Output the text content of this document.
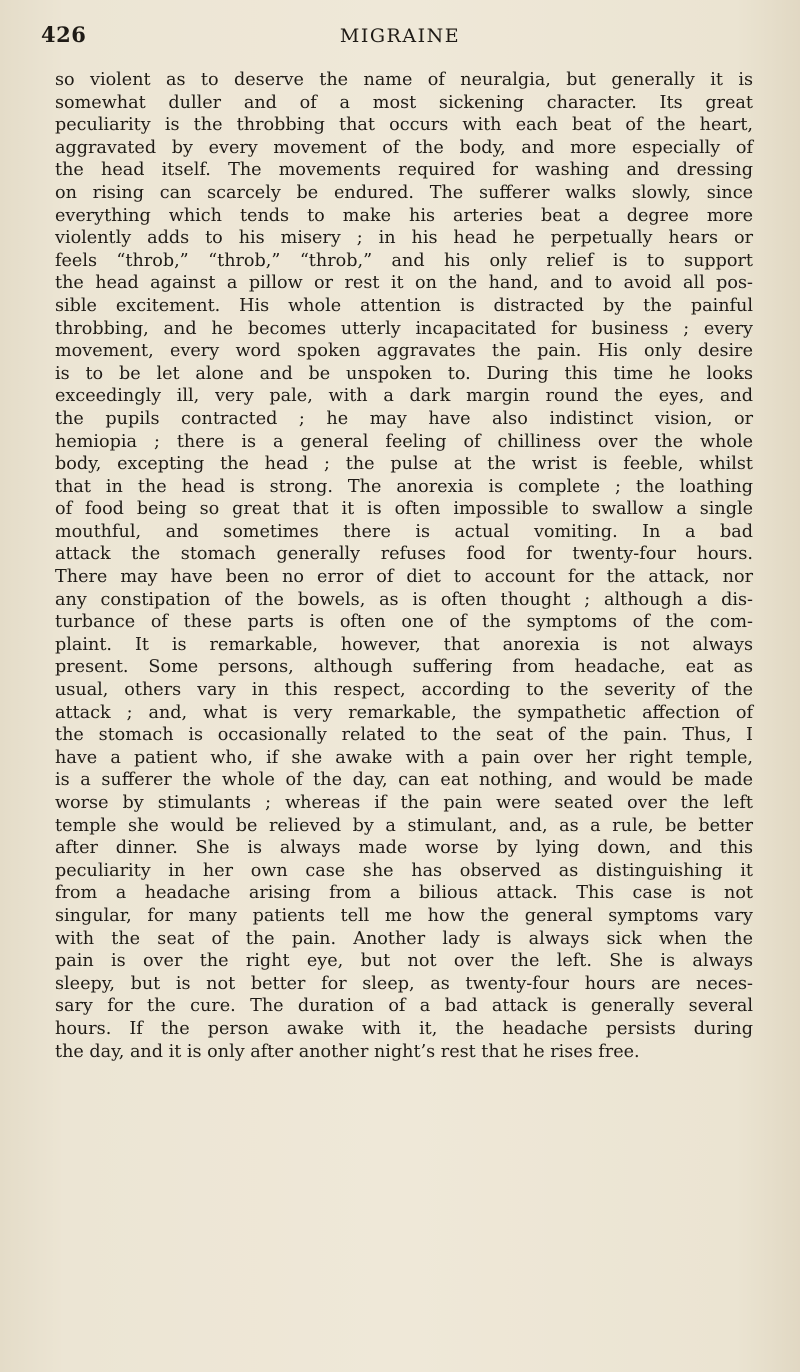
426	MIGRAINE
so violent as to deserve the name of neuralgia, but generally it is
somewhat duller and of a most sickening character. Its great
peculiarity is the throbbing that occurs with each beat of the heart,
aggravated by every movement of the body, and more especially of
the head itself. The movements required for washing and dressing
on rising can scarcely be endured. The sufferer walks slowly, since
everything which tends to make his arteries beat a degree more
violently adds to his misery ; in his head he perpetually hears or
feels “throb,” “throb,” “throb,” and his only relief is to support
the head against a pillow or rest it on the hand, and to avoid all pos-
sible excitement. His whole attention is distracted by the painful
throbbing, and he becomes utterly incapacitated for business ; every
movement, every word spoken aggravates the pain. His only desire
is to be let alone and be unspoken to. During this time he looks
exceedingly ill, very pale, with a dark margin round the eyes, and
the pupils contracted ; he may have also indistinct vision, or
hemiopia ; there is a general feeling of chilliness over the whole
body, excepting the head ; the pulse at the wrist is feeble, whilst
that in the head is strong. The anorexia is complete ; the loathing
of food being so great that it is often impossible to swallow a single
mouthful, and sometimes there is actual vomiting. In a bad
attack the stomach generally refuses food for twenty-four hours.
There may have been no error of diet to account for the attack, nor
any constipation of the bowels, as is often thought ; although a dis-
turbance of these parts is often one of the symptoms of the com-
plaint. It is remarkable, however, that anorexia is not always
present. Some persons, although suffering from headache, eat as
usual, others vary in this respect, according to the severity of the
attack ; and, what is very remarkable, the sympathetic affection of
the stomach is occasionally related to the seat of the pain. Thus, I
have a patient who, if she awake with a pain over her right temple,
is a sufferer the whole of the day, can eat nothing, and would be made
worse by stimulants ; whereas if the pain were seated over the left
temple she would be relieved by a stimulant, and, as a rule, be better
after dinner. She is always made worse by lying down, and this
peculiarity in her own case she has observed as distinguishing it
from a headache arising from a bilious attack. This case is not
singular, for many patients tell me how the general symptoms vary
with the seat of the pain. Another lady is always sick when the
pain is over the right eye, but not over the left. She is always
sleepy, but is not better for sleep, as twenty-four hours are neces-
sary for the cure. The duration of a bad attack is generally several
hours. If the person awake with it, the headache persists during
the day, and it is only after another night’s rest that he rises free.
